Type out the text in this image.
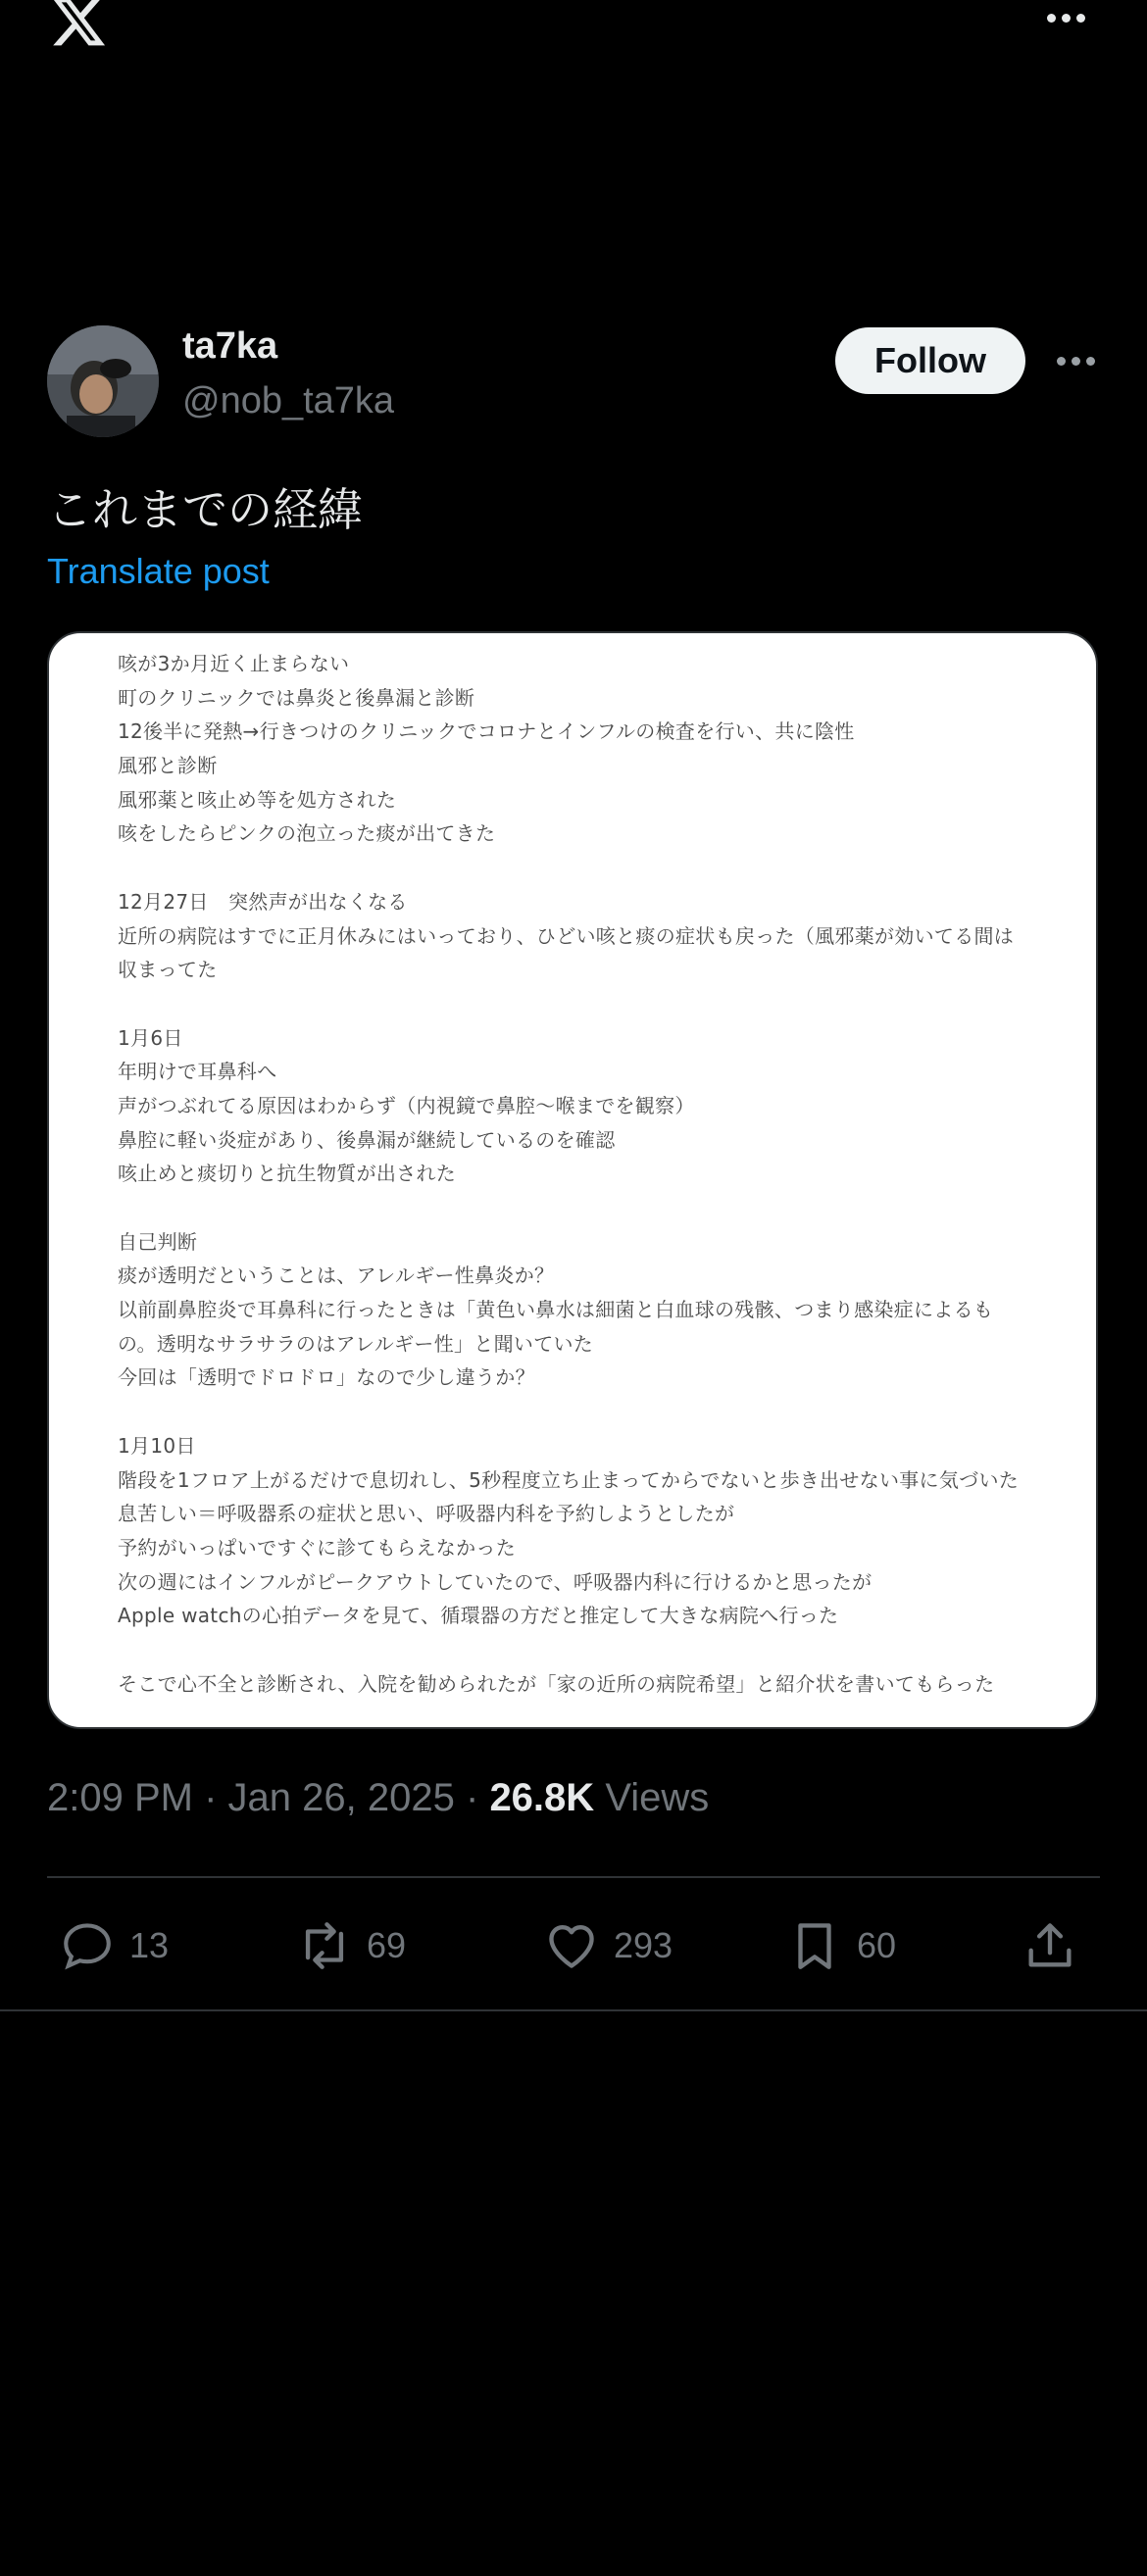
ta7ka
@nob_ta7ka
Follow
これまでの経緯
Translate post
咳が3か月近く止まらない
町のクリニックでは鼻炎と後鼻漏と診断
12後半に発熱→行きつけのクリニックでコロナとインフルの検査を行い、共に陰性
風邪と診断
風邪薬と咳止め等を処方された
咳をしたらピンクの泡立った痰が出てきた
12月27日　突然声が出なくなる
近所の病院はすでに正月休みにはいっており、ひどい咳と痰の症状も戻った（風邪薬が効いてる間は
収まってた
1月6日
年明けで耳鼻科へ
声がつぶれてる原因はわからず（内視鏡で鼻腔～喉までを観察）
鼻腔に軽い炎症があり、後鼻漏が継続しているのを確認
咳止めと痰切りと抗生物質が出された
自己判断
痰が透明だということは、アレルギー性鼻炎か？
以前副鼻腔炎で耳鼻科に行ったときは「黄色い鼻水は細菌と白血球の残骸、つまり感染症によるも
の。透明なサラサラのはアレルギー性」と聞いていた
今回は「透明でドロドロ」なので少し違うか？
1月10日
階段を1フロア上がるだけで息切れし、5秒程度立ち止まってからでないと歩き出せない事に気づいた
息苦しい＝呼吸器系の症状と思い、呼吸器内科を予約しようとしたが
予約がいっぱいですぐに診てもらえなかった
次の週にはインフルがピークアウトしていたので、呼吸器内科に行けるかと思ったが
Apple watchの心拍データを見て、循環器の方だと推定して大きな病院へ行った
そこで心不全と診断され、入院を勧められたが「家の近所の病院希望」と紹介状を書いてもらった
2:09 PM · Jan 26, 2025 · 26.8K Views
13	69	293	60
